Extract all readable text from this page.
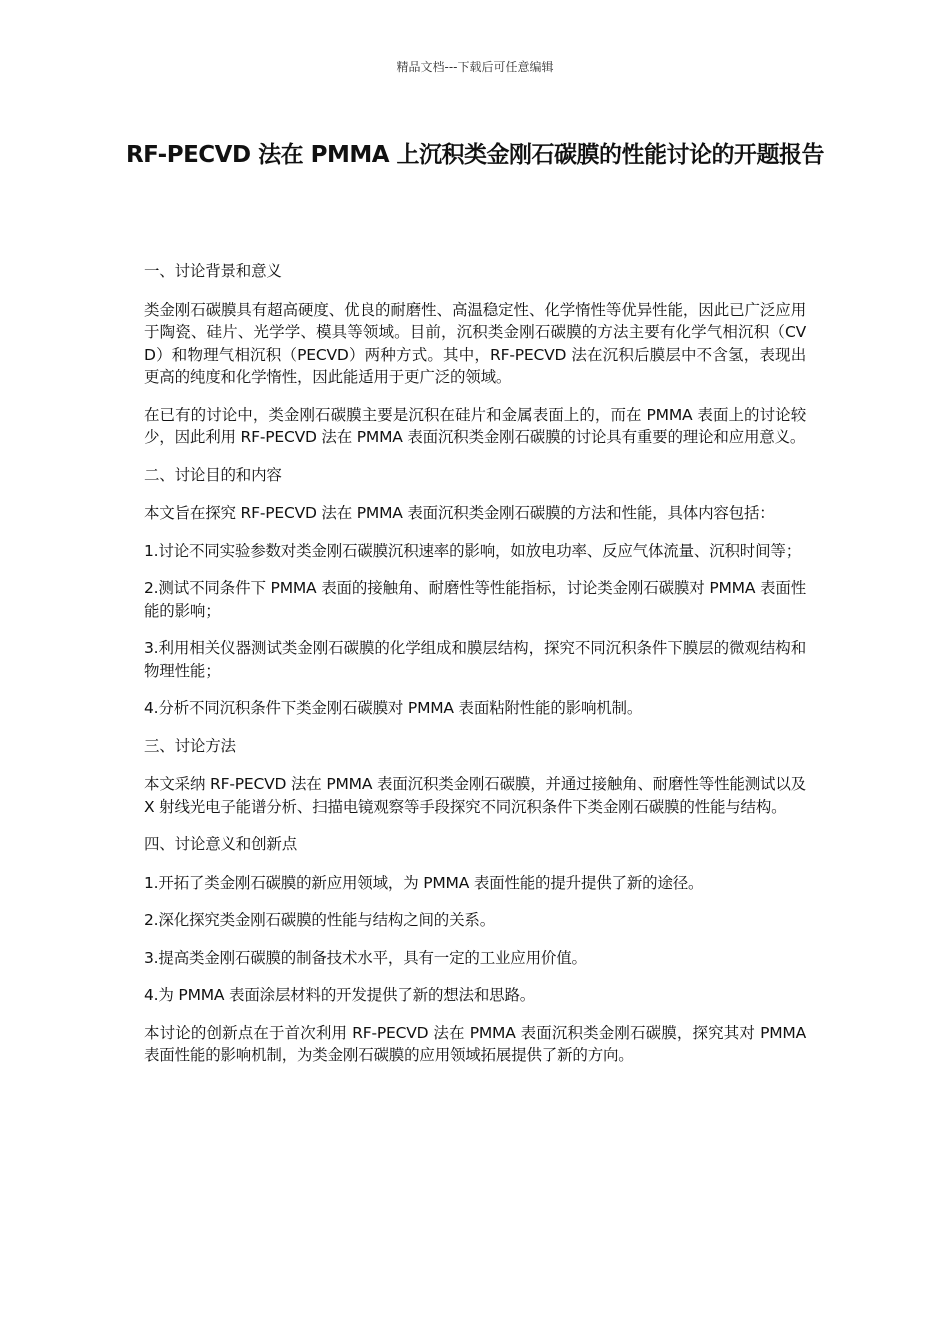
精品文档---下载后可任意编辑
RF-PECVD 法在 PMMA 上沉积类金刚石碳膜的性能讨论的开题报告

一、讨论背景和意义

类金刚石碳膜具有超高硬度、优良的耐磨性、高温稳定性、化学惰性等优异性能，因此已广泛应用于陶瓷、硅片、光学学、模具等领域。目前，沉积类金刚石碳膜的方法主要有化学气相沉积（CVD）和物理气相沉积（PECVD）两种方式。其中，RF-PECVD 法在沉积后膜层中不含氢，表现出更高的纯度和化学惰性，因此能适用于更广泛的领域。

在已有的讨论中，类金刚石碳膜主要是沉积在硅片和金属表面上的，而在 PMMA 表面上的讨论较少，因此利用 RF-PECVD 法在 PMMA 表面沉积类金刚石碳膜的讨论具有重要的理论和应用意义。

二、讨论目的和内容

本文旨在探究 RF-PECVD 法在 PMMA 表面沉积类金刚石碳膜的方法和性能，具体内容包括：

1.讨论不同实验参数对类金刚石碳膜沉积速率的影响，如放电功率、反应气体流量、沉积时间等；

2.测试不同条件下 PMMA 表面的接触角、耐磨性等性能指标，讨论类金刚石碳膜对 PMMA 表面性能的影响；

3.利用相关仪器测试类金刚石碳膜的化学组成和膜层结构，探究不同沉积条件下膜层的微观结构和物理性能；

4.分析不同沉积条件下类金刚石碳膜对 PMMA 表面粘附性能的影响机制。

三、讨论方法

本文采纳 RF-PECVD 法在 PMMA 表面沉积类金刚石碳膜，并通过接触角、耐磨性等性能测试以及 X 射线光电子能谱分析、扫描电镜观察等手段探究不同沉积条件下类金刚石碳膜的性能与结构。

四、讨论意义和创新点

1.开拓了类金刚石碳膜的新应用领域，为 PMMA 表面性能的提升提供了新的途径。

2.深化探究类金刚石碳膜的性能与结构之间的关系。

3.提高类金刚石碳膜的制备技术水平，具有一定的工业应用价值。

4.为 PMMA 表面涂层材料的开发提供了新的想法和思路。

本讨论的创新点在于首次利用 RF-PECVD 法在 PMMA 表面沉积类金刚石碳膜，探究其对 PMMA 表面性能的影响机制，为类金刚石碳膜的应用领域拓展提供了新的方向。
